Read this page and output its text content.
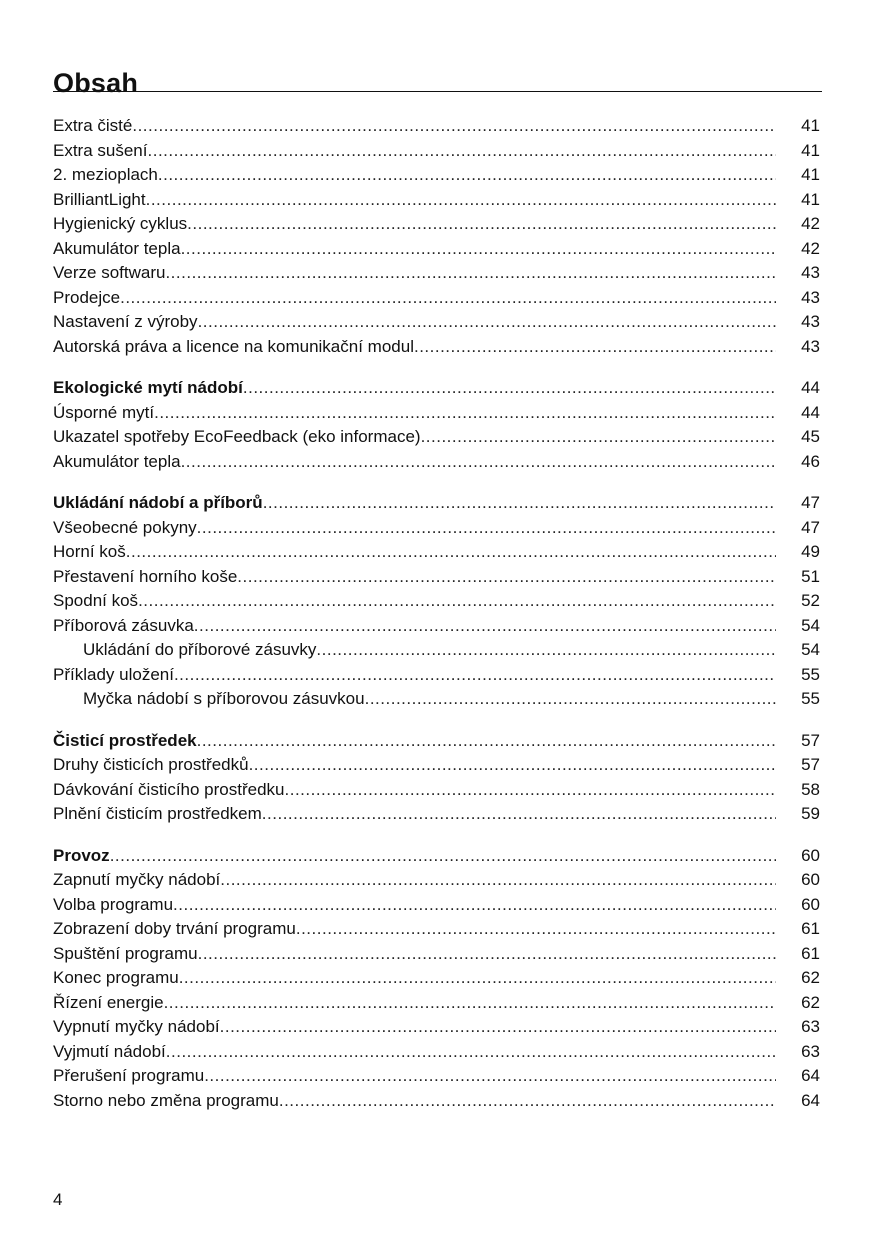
Obsah
Extra čisté .....	41
Extra sušení .....	41
2. mezioplach .....	41
BrilliantLight .....	41
Hygienický cyklus .....	42
Akumulátor tepla .....	42
Verze softwaru .....	43
Prodejce .....	43
Nastavení z výroby .....	43
Autorská práva a licence na komunikační modul .....	43
Ekologické mytí nádobí .....	44
Úsporné mytí .....	44
Ukazatel spotřeby EcoFeedback (eko informace) .....	45
Akumulátor tepla .....	46
Ukládání nádobí a příborů .....	47
Všeobecné pokyny .....	47
Horní koš .....	49
Přestavení horního koše .....	51
Spodní koš .....	52
Příborová zásuvka .....	54
Ukládání do příborové zásuvky .....	54
Příklady uložení .....	55
Myčka nádobí s příborovou zásuvkou .....	55
Čisticí prostředek .....	57
Druhy čisticích prostředků .....	57
Dávkování čisticího prostředku .....	58
Plnění čisticím prostředkem .....	59
Provoz .....	60
Zapnutí myčky nádobí .....	60
Volba programu .....	60
Zobrazení doby trvání programu .....	61
Spuštění programu .....	61
Konec programu .....	62
Řízení energie .....	62
Vypnutí myčky nádobí .....	63
Vyjmutí nádobí .....	63
Přerušení programu .....	64
Storno nebo změna programu .....	64
4
